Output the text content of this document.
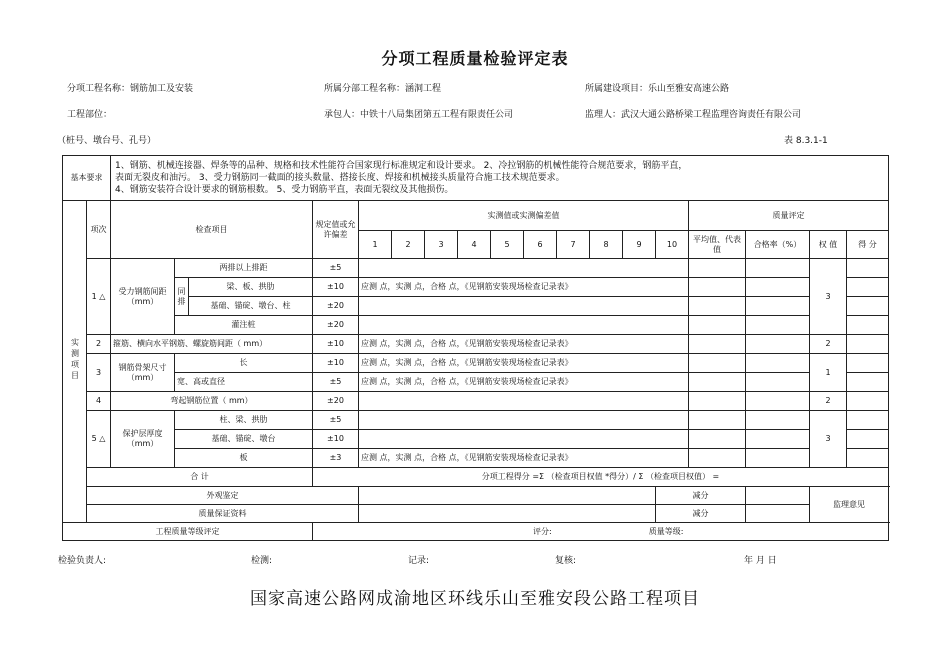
分项工程质量检验评定表
分项工程名称：钢筋加工及安装	所属分部工程名称：涵洞工程	所属建设项目：乐山至雅安高速公路
工程部位：	承包人：中铁十八局集团第五工程有限责任公司	监理人：武汉大通公路桥梁工程监理咨询责任有限公司
（桩号、墩台号、孔号）	表 8.3.1-1
基本要求		1、钢筋、机械连接器、焊条等的品种、规格和技术性能符合国家现行标准规定和设计要求。 2、冷拉钢筋的机械性能符合规范要求，钢筋平直，
表面无裂皮和油污。 3、受力钢筋同一截面的接头数量、搭接长度、焊接和机械接头质量符合施工技术规范要求。
4、钢筋安装符合设计要求的钢筋根数。 5、受力钢筋平直，表面无裂纹及其他损伤。																		

实测项目	项次	检查项目			规定值或允许偏差	实测值或实测偏差值										质量评定				
						1	2	3	4	5	6	7	8	9	10	平均值、代表值	合格率（%）	权 值	得 分	
	1 △	受力钢筋间距（mm）	两排以上排距		±5													3		
			同 排	梁、板、拱肋	±10	应测 点，实测 点，合格 点，《见钢筋安装现场检查记录表》														
				基础、锚碇、墩台、柱	±20															
			灌注桩		±20															
	2	箍筋、横向水平钢筋、螺旋筋间距（ mm）			±10	应测 点，实测 点，合格 点，《见钢筋安装现场检查记录表》												2		
	3	钢筋骨架尺寸（mm）	长		±10	应测 点，实测 点，合格 点，《见钢筋安装现场检查记录表》												1		
			宽、高或直径		±5	应测 点，实测 点，合格 点，《见钢筋安装现场检查记录表》														
	4	弯起钢筋位置（ mm）			±20													2		
	5 △	保护层厚度（mm）	柱、梁、拱肋		±5													3		
			基础、锚碇、墩台		±10															
			板		±3	应测 点，实测 点，合格 点，《见钢筋安装现场检查记录表》														
	合 计				分项工程得分 =Σ （检查项目权值 *得分）/ Σ （检查项目权值） =															
	外观鉴定														减分			监理意见		
	质量保证资料														减分					
工程质量等级评定					评分: 质量等级:															
检验负责人:	检测:	记录:	复核:	年 月 日
国家高速公路网成渝地区环线乐山至雅安段公路工程项目
